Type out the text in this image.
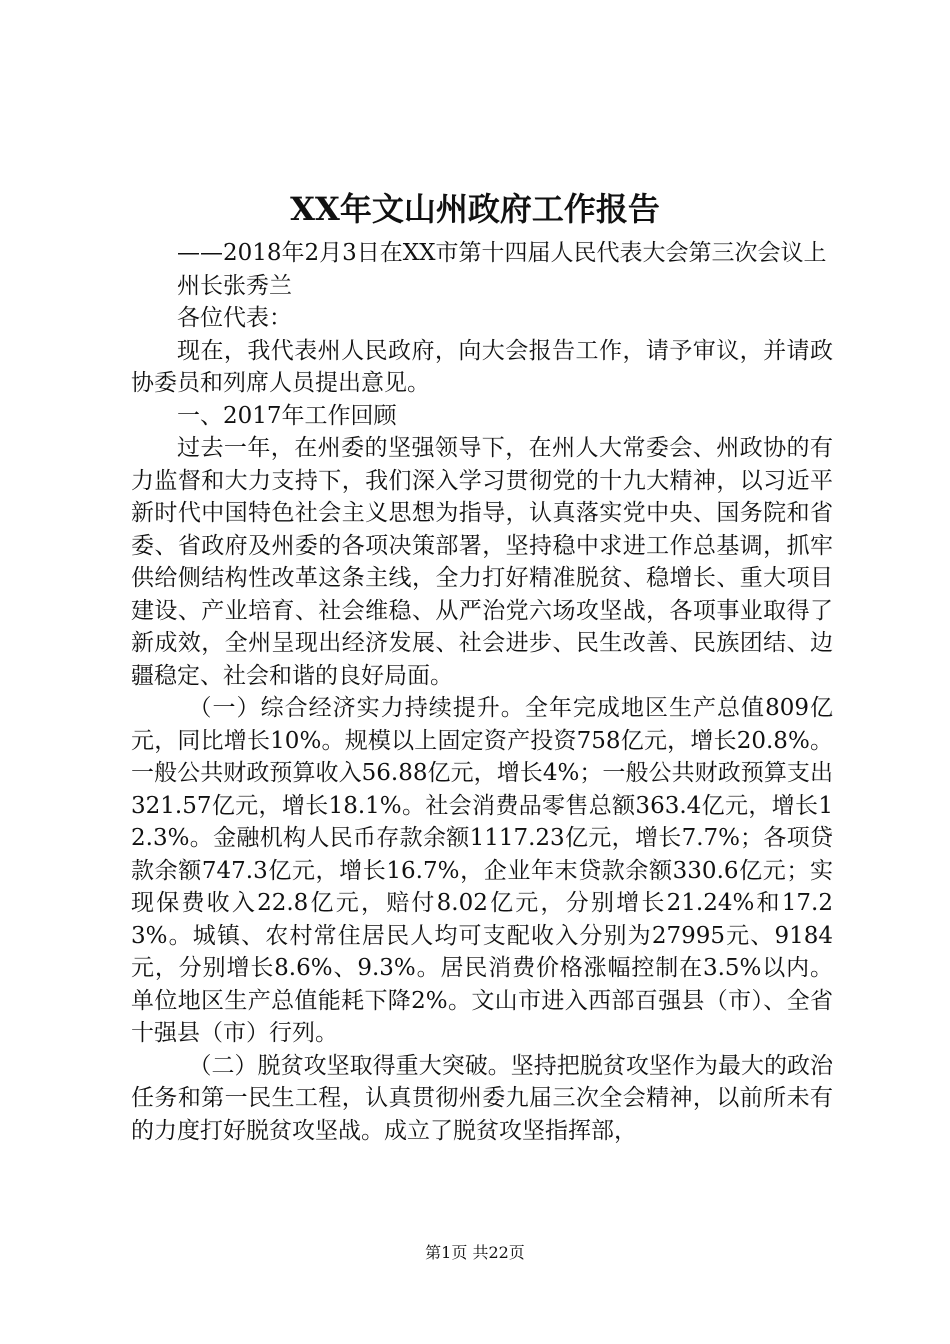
XX年文山州政府工作报告

——2018年2月3日在XX市第十四届人民代表大会第三次会议上

州长张秀兰

各位代表：

现在，我代表州人民政府，向大会报告工作，请予审议，并请政协委员和列席人员提出意见。

一、2017年工作回顾

过去一年，在州委的坚强领导下，在州人大常委会、州政协的有力监督和大力支持下，我们深入学习贯彻党的十九大精神，以习近平新时代中国特色社会主义思想为指导，认真落实党中央、国务院和省委、省政府及州委的各项决策部署，坚持稳中求进工作总基调，抓牢供给侧结构性改革这条主线，全力打好精准脱贫、稳增长、重大项目建设、产业培育、社会维稳、从严治党六场攻坚战，各项事业取得了新成效，全州呈现出经济发展、社会进步、民生改善、民族团结、边疆稳定、社会和谐的良好局面。

（一）综合经济实力持续提升。全年完成地区生产总值809亿元，同比增长10%。规模以上固定资产投资758亿元，增长20.8%。一般公共财政预算收入56.88亿元，增长4%；一般公共财政预算支出321.57亿元，增长18.1%。社会消费品零售总额363.4亿元，增长12.3%。金融机构人民币存款余额1117.23亿元，增长7.7%；各项贷款余额747.3亿元，增长16.7%，企业年末贷款余额330.6亿元；实现保费收入22.8亿元，赔付8.02亿元，分别增长21.24%和17.23%。城镇、农村常住居民人均可支配收入分别为27995元、9184元，分别增长8.6%、9.3%。居民消费价格涨幅控制在3.5%以内。单位地区生产总值能耗下降2%。文山市进入西部百强县（市）、全省十强县（市）行列。

（二）脱贫攻坚取得重大突破。坚持把脱贫攻坚作为最大的政治任务和第一民生工程，认真贯彻州委九届三次全会精神，以前所未有的力度打好脱贫攻坚战。成立了脱贫攻坚指挥部，

第1页 共22页
